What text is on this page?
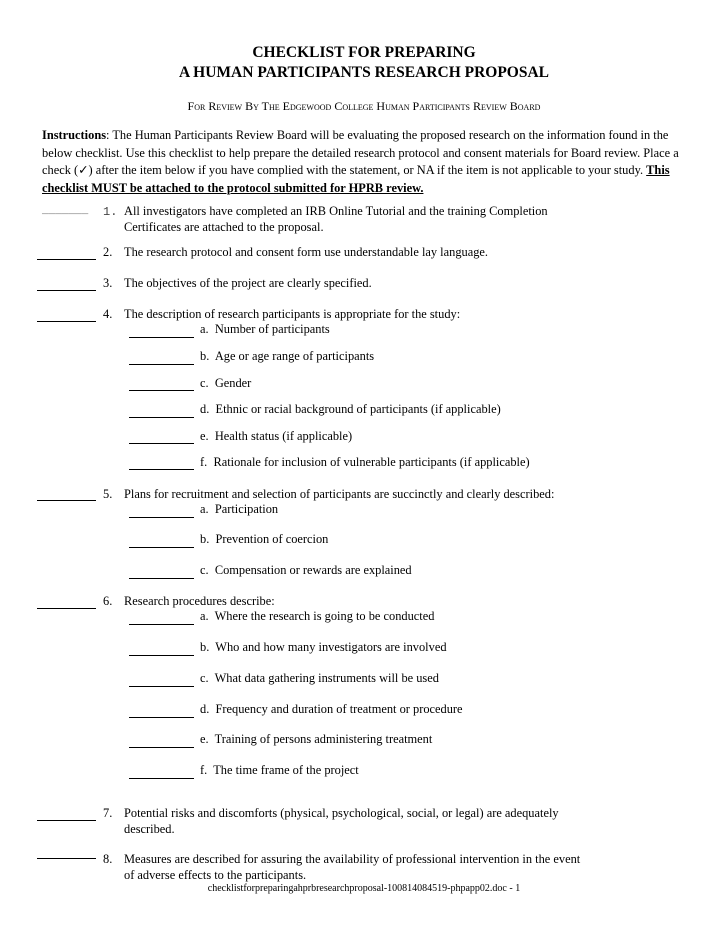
CHECKLIST FOR PREPARING
A HUMAN PARTICIPANTS RESEARCH PROPOSAL
For Review By The Edgewood College Human Participants Review Board
Instructions: The Human Participants Review Board will be evaluating the proposed research on the information found in the below checklist. Use this checklist to help prepare the detailed research protocol and consent materials for Board review. Place a check (✓) after the item below if you have complied with the statement, or NA if the item is not applicable to your study. This checklist MUST be attached to the protocol submitted for HPRB review.
_______ 1. All investigators have completed an IRB Online Tutorial and the training Completion Certificates are attached to the proposal.
2. The research protocol and consent form use understandable lay language.
3. The objectives of the project are clearly specified.
4. The description of research participants is appropriate for the study:
a. Number of participants
b. Age or age range of participants
c. Gender
d. Ethnic or racial background of participants (if applicable)
e. Health status (if applicable)
f. Rationale for inclusion of vulnerable participants (if applicable)
5. Plans for recruitment and selection of participants are succinctly and clearly described:
a. Participation
b. Prevention of coercion
c. Compensation or rewards are explained
6. Research procedures describe:
a. Where the research is going to be conducted
b. Who and how many investigators are involved
c. What data gathering instruments will be used
d. Frequency and duration of treatment or procedure
e. Training of persons administering treatment
f. The time frame of the project
7. Potential risks and discomforts (physical, psychological, social, or legal) are adequately described.
8. Measures are described for assuring the availability of professional intervention in the event of adverse effects to the participants.
checklistforpreparingahprbresearchproposal-100814084519-phpapp02.doc - 1
